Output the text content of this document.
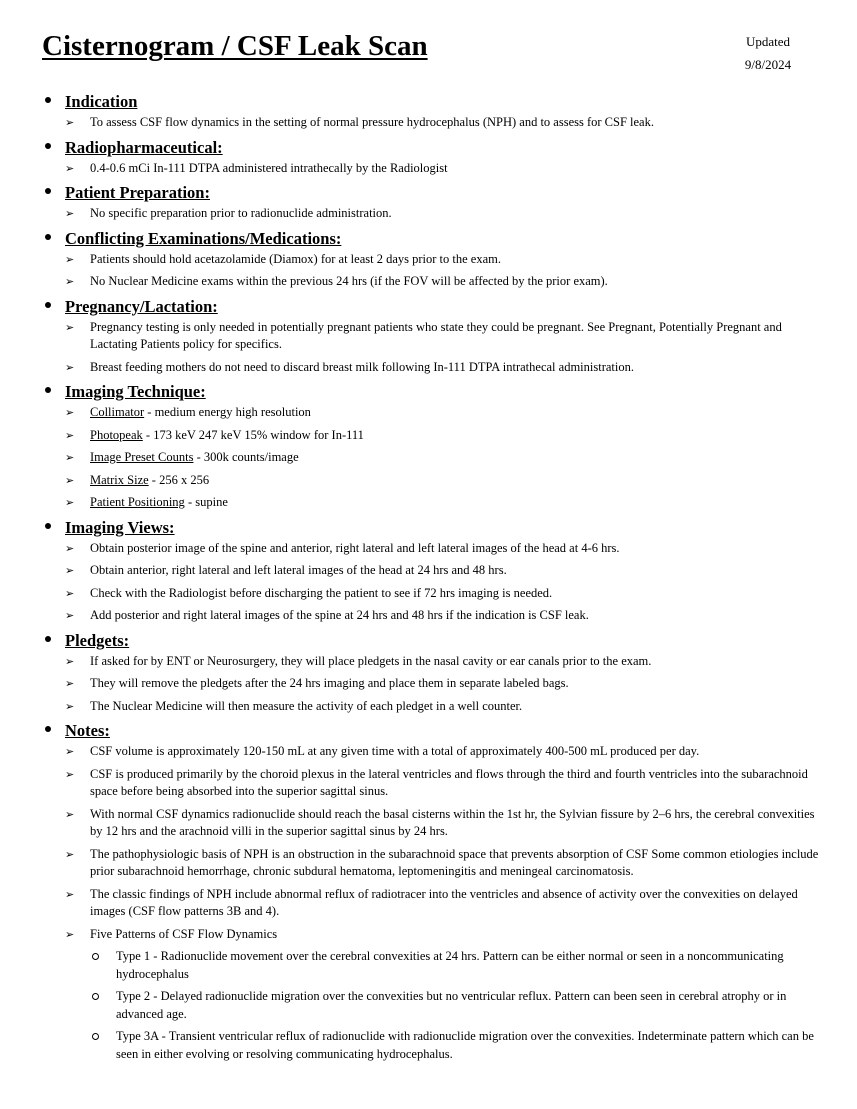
Cisternogram / CSF Leak Scan	Updated
9/8/2024
Indication
➢ To assess CSF flow dynamics in the setting of normal pressure hydrocephalus (NPH) and to assess for CSF leak.
Radiopharmaceutical:
➢ 0.4-0.6 mCi In-111 DTPA administered intrathecally by the Radiologist
Patient Preparation:
➢ No specific preparation prior to radionuclide administration.
Conflicting Examinations/Medications:
➢ Patients should hold acetazolamide (Diamox) for at least 2 days prior to the exam.
➢ No Nuclear Medicine exams within the previous 24 hrs (if the FOV will be affected by the prior exam).
Pregnancy/Lactation:
➢ Pregnancy testing is only needed in potentially pregnant patients who state they could be pregnant. See Pregnant, Potentially Pregnant and Lactating Patients policy for specifics.
➢ Breast feeding mothers do not need to discard breast milk following In-111 DTPA intrathecal administration.
Imaging Technique:
➢ Collimator - medium energy high resolution
➢ Photopeak - 173 keV 247 keV 15% window for In-111
➢ Image Preset Counts - 300k counts/image
➢ Matrix Size - 256 x 256
➢ Patient Positioning - supine
Imaging Views:
➢ Obtain posterior image of the spine and anterior, right lateral and left lateral images of the head at 4-6 hrs.
➢ Obtain anterior, right lateral and left lateral images of the head at 24 hrs and 48 hrs.
➢ Check with the Radiologist before discharging the patient to see if 72 hrs imaging is needed.
➢ Add posterior and right lateral images of the spine at 24 hrs and 48 hrs if the indication is CSF leak.
Pledgets:
➢ If asked for by ENT or Neurosurgery, they will place pledgets in the nasal cavity or ear canals prior to the exam.
➢ They will remove the pledgets after the 24 hrs imaging and place them in separate labeled bags.
➢ The Nuclear Medicine will then measure the activity of each pledget in a well counter.
Notes:
➢ CSF volume is approximately 120-150 mL at any given time with a total of approximately 400-500 mL produced per day.
➢ CSF is produced primarily by the choroid plexus in the lateral ventricles and flows through the third and fourth ventricles into the subarachnoid space before being absorbed into the superior sagittal sinus.
➢ With normal CSF dynamics radionuclide should reach the basal cisterns within the 1st hr, the Sylvian fissure by 2–6 hrs, the cerebral convexities by 12 hrs and the arachnoid villi in the superior sagittal sinus by 24 hrs.
➢ The pathophysiologic basis of NPH is an obstruction in the subarachnoid space that prevents absorption of CSF Some common etiologies include prior subarachnoid hemorrhage, chronic subdural hematoma, leptomeningitis and meningeal carcinomatosis.
➢ The classic findings of NPH include abnormal reflux of radiotracer into the ventricles and absence of activity over the convexities on delayed images (CSF flow patterns 3B and 4).
➢ Five Patterns of CSF Flow Dynamics
Type 1 - Radionuclide movement over the cerebral convexities at 24 hrs. Pattern can be either normal or seen in a noncommunicating hydrocephalus
Type 2 - Delayed radionuclide migration over the convexities but no ventricular reflux. Pattern can been seen in cerebral atrophy or in advanced age.
Type 3A - Transient ventricular reflux of radionuclide with radionuclide migration over the convexities. Indeterminate pattern which can be seen in either evolving or resolving communicating hydrocephalus.
